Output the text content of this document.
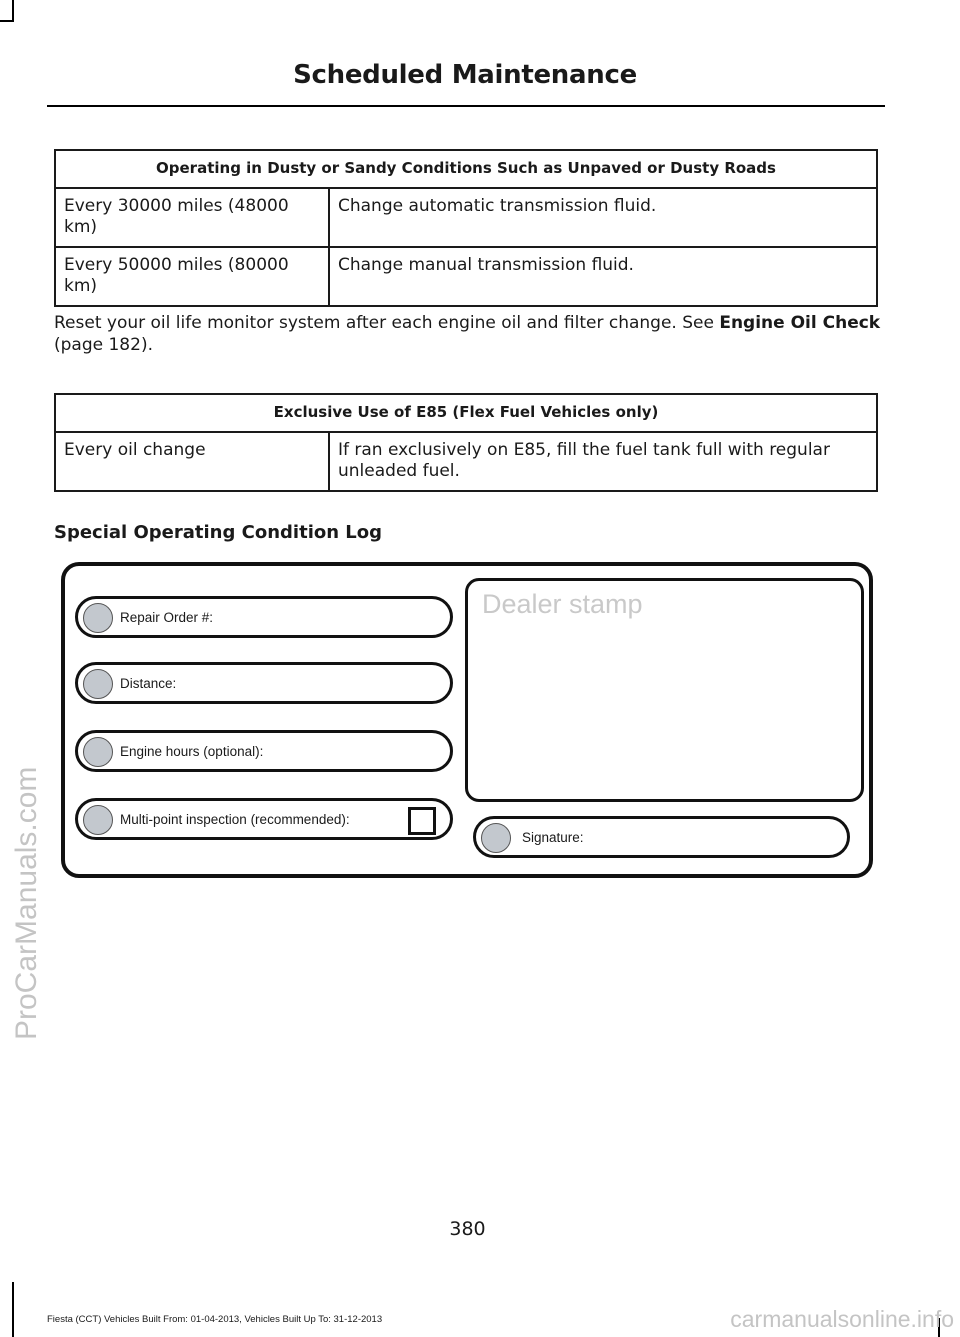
Scheduled Maintenance
Operating in Dusty or Sandy Conditions Such as Unpaved or Dusty Roads	
Every 30000 miles (48000 km)	Change automatic transmission fluid.
Every 50000 miles (80000 km)	Change manual transmission fluid.
Reset your oil life monitor system after each engine oil and filter change. See Engine Oil Check (page 182).
Exclusive Use of E85 (Flex Fuel Vehicles only)
Every oil change	If ran exclusively on E85, fill the fuel tank full with regular unleaded fuel.
Special Operating Condition Log
Repair Order #:
Distance:
Engine hours (optional):
Multi-point inspection (recommended):
Dealer stamp
Signature:
380
Fiesta (CCT) Vehicles Built From: 01-04-2013, Vehicles Built Up To: 31-12-2013
ProCarManuals.com
carmanualsonline.info
